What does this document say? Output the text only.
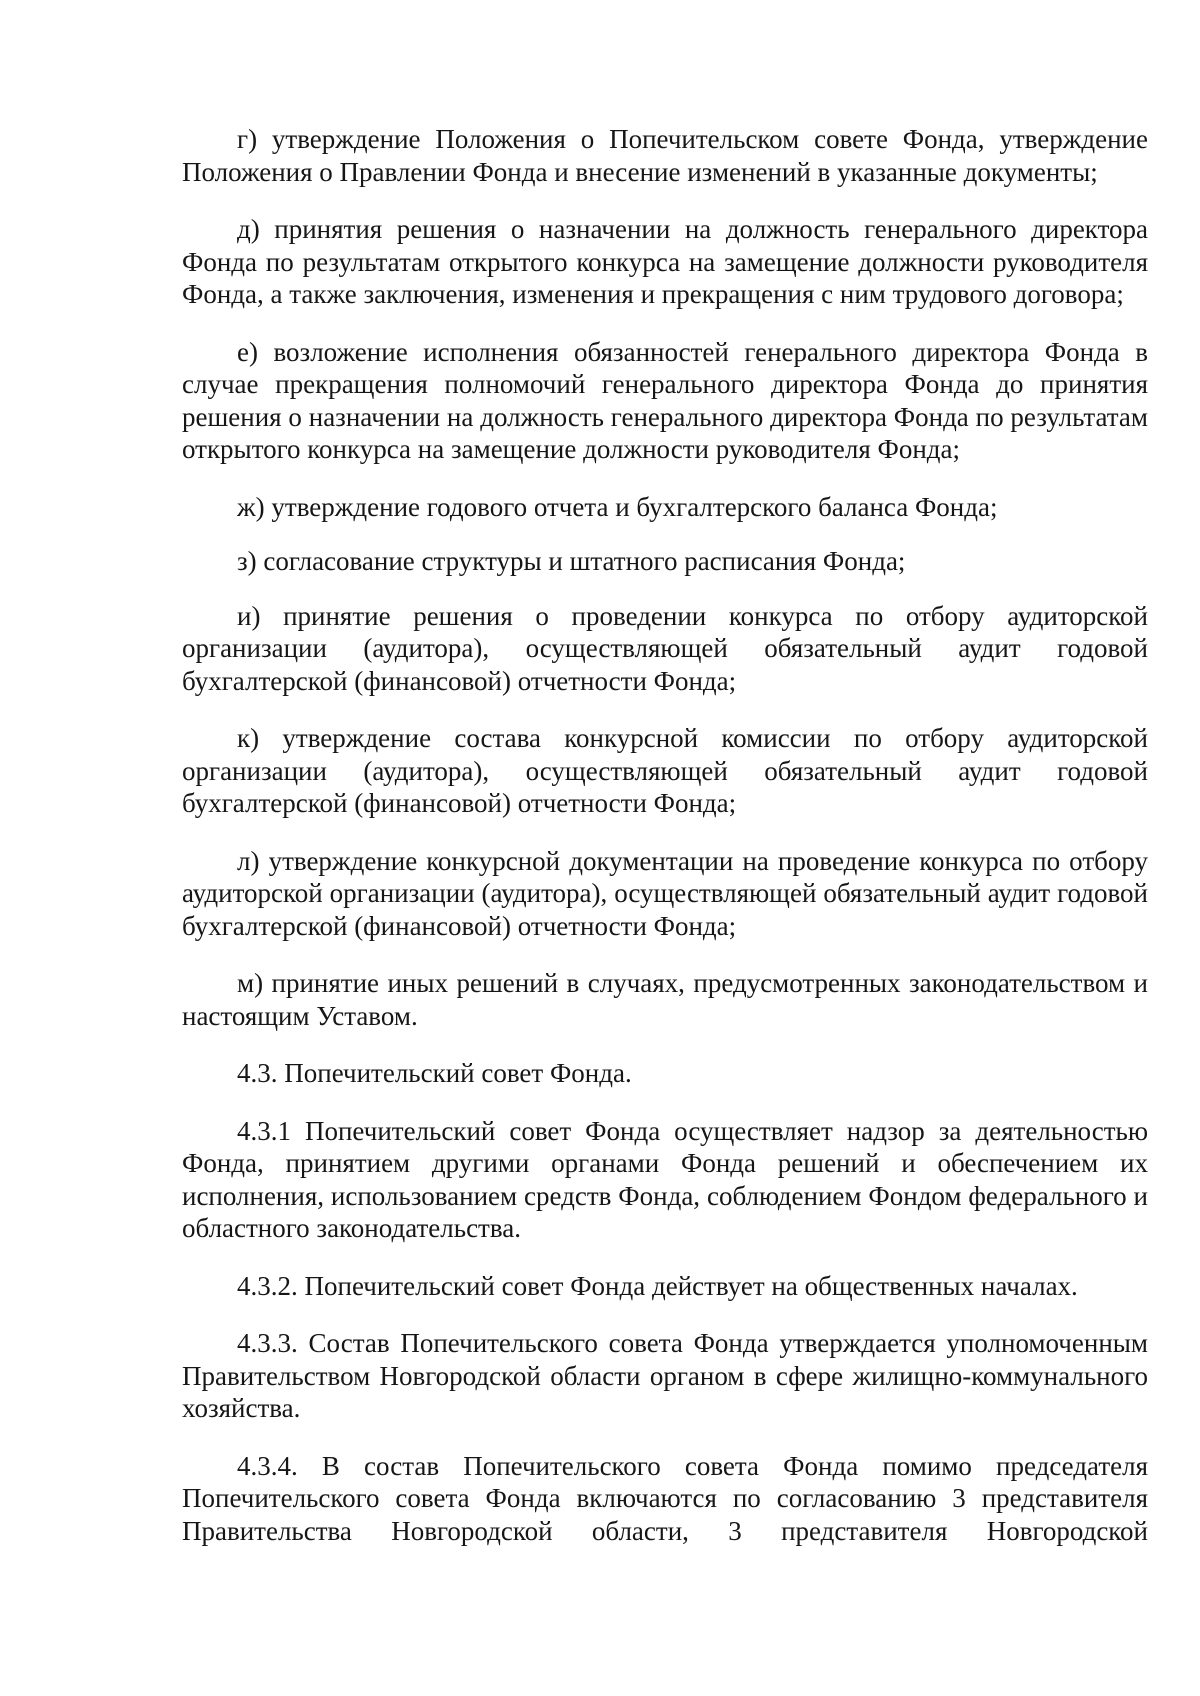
г) утверждение Положения о Попечительском совете Фонда, утверждение Положения о Правлении Фонда и внесение изменений в указанные документы;

д) принятия решения о назначении на должность генерального директора Фонда по результатам открытого конкурса на замещение должности руководителя Фонда, а также заключения, изменения и прекращения с ним трудового договора;

е) возложение исполнения обязанностей генерального директора Фонда в случае прекращения полномочий генерального директора Фонда до принятия решения о назначении на должность генерального директора Фонда по результатам открытого конкурса на замещение должности руководителя Фонда;

ж) утверждение годового отчета и бухгалтерского баланса Фонда;

з) согласование структуры и штатного расписания Фонда;

и) принятие решения о проведении конкурса по отбору аудиторской организации (аудитора), осуществляющей обязательный аудит годовой бухгалтерской (финансовой) отчетности Фонда;

к) утверждение состава конкурсной комиссии по отбору аудиторской организации (аудитора), осуществляющей обязательный аудит годовой бухгалтерской (финансовой) отчетности Фонда;

л) утверждение конкурсной документации на проведение конкурса по отбору аудиторской организации (аудитора), осуществляющей обязательный аудит годовой бухгалтерской (финансовой) отчетности Фонда;

м) принятие иных решений в случаях, предусмотренных законодательством и настоящим Уставом.

4.3. Попечительский совет Фонда.

4.3.1 Попечительский совет Фонда осуществляет надзор за деятельностью Фонда, принятием другими органами Фонда решений и обеспечением их исполнения, использованием средств Фонда, соблюдением Фондом федерального и областного законодательства.

4.3.2. Попечительский совет Фонда действует на общественных началах.

4.3.3. Состав Попечительского совета Фонда утверждается уполномоченным Правительством Новгородской области органом в сфере жилищно-коммунального хозяйства.

4.3.4. В состав Попечительского совета Фонда помимо председателя Попечительского совета Фонда включаются по согласованию 3 представителя Правительства Новгородской области, 3 представителя Новгородской
